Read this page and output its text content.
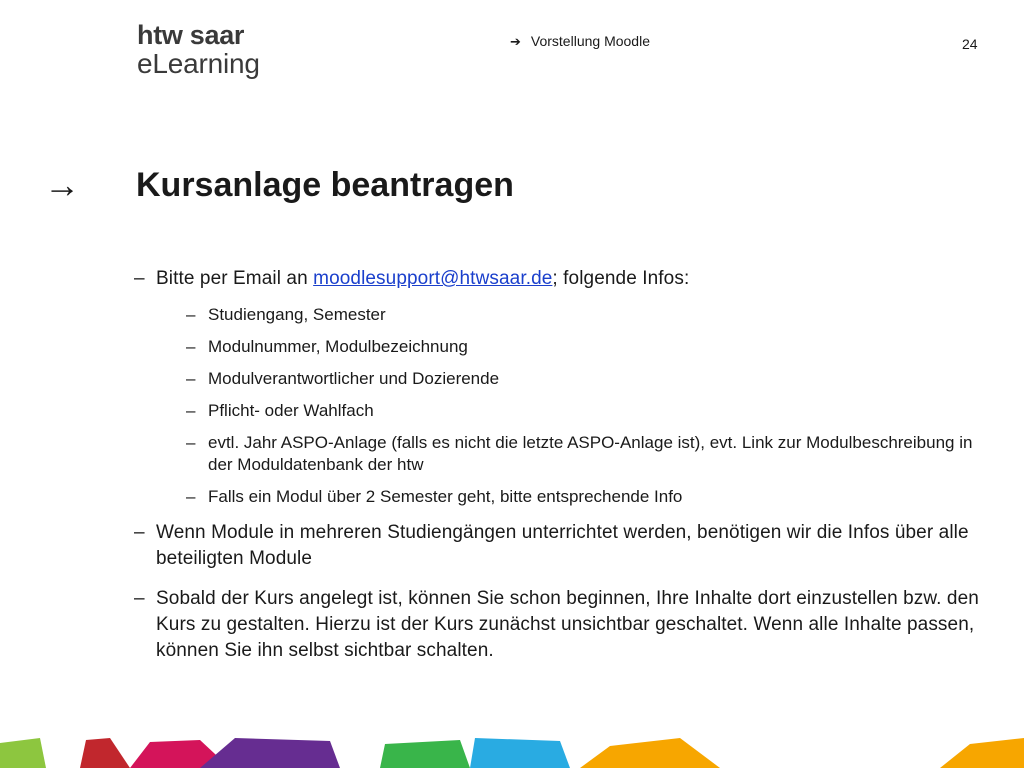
htw saar
eLearning
➔ Vorstellung Moodle	24
→ Kursanlage beantragen
– Bitte per Email an moodlesupport@htwsaar.de; folgende Infos:
– Studiengang, Semester
– Modulnummer, Modulbezeichnung
– Modulverantwortlicher und Dozierende
– Pflicht- oder Wahlfach
– evtl. Jahr ASPO-Anlage (falls es nicht die letzte ASPO-Anlage ist), evt. Link zur Modulbeschreibung in der Moduldatenbank der htw
– Falls ein Modul über 2 Semester geht, bitte entsprechende Info
– Wenn Module in mehreren Studiengängen unterrichtet werden, benötigen wir die Infos über alle beteiligten Module
– Sobald der Kurs angelegt ist, können Sie schon beginnen, Ihre Inhalte dort einzustellen bzw. den Kurs zu gestalten. Hierzu ist der Kurs zunächst unsichtbar geschaltet. Wenn alle Inhalte passen, können Sie ihn selbst sichtbar schalten.
